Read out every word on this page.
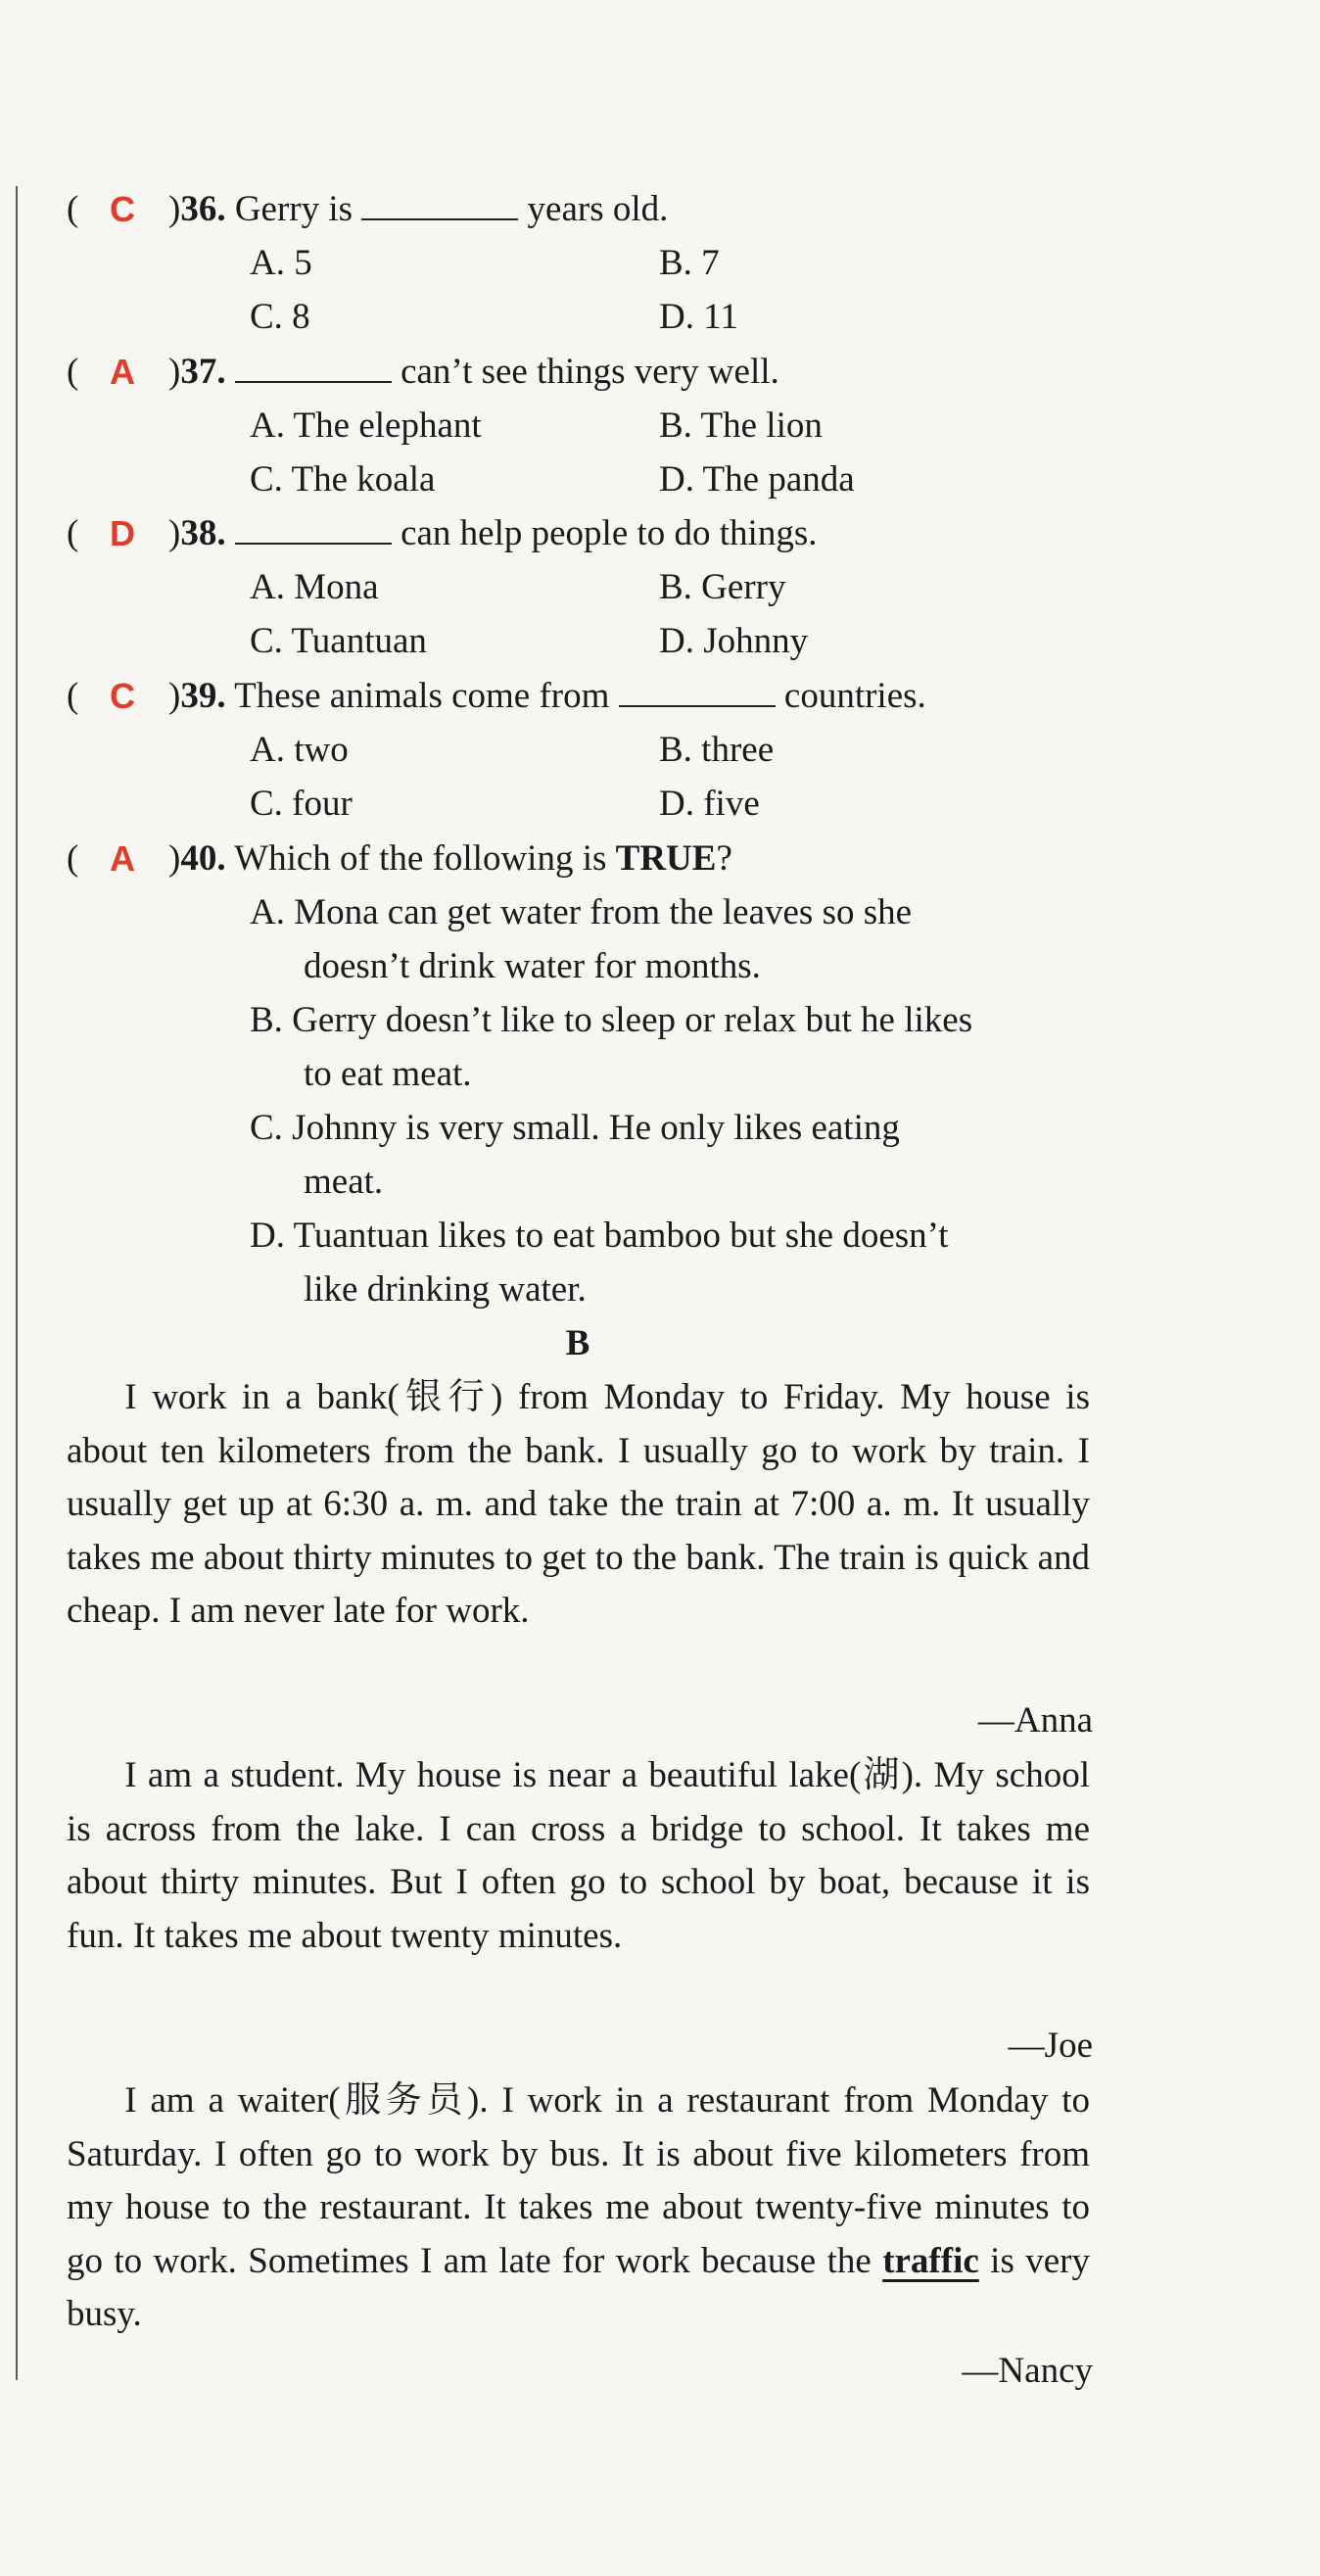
( C )36. Gerry is	years old.
A. 5	B. 7
C. 8	D. 11
( A )37.	can’t see things very well.
A. The elephant	B. The lion
C. The koala	D. The panda
( D )38.	can help people to do things.
A. Mona	B. Gerry
C. Tuantuan	D. Johnny
( C )39. These animals come from	countries.
A. two	B. three
C. four	D. five
( A )40. Which of the following is TRUE?
A. Mona can get water from the leaves so she
doesn’t drink water for months.
B. Gerry doesn’t like to sleep or relax but he likes
to eat meat.
C. Johnny is very small. He only likes eating
meat.
D. Tuantuan likes to eat bamboo but she doesn’t
like drinking water.
B

I work in a bank(银行) from Monday to Friday. My house is about ten kilometers from the bank. I usually go to work by train. I usually get up at 6:30 a. m. and take the train at 7:00 a. m. It usually takes me about thirty minutes to get to the bank. The train is quick and cheap. I am never late for work.

—Anna

I am a student. My house is near a beautiful lake(湖). My school is across from the lake. I can cross a bridge to school. It takes me about thirty minutes. But I often go to school by boat, because it is fun. It takes me about twenty minutes.

—Joe

I am a waiter(服务员). I work in a restaurant from Monday to Saturday. I often go to work by bus. It is about five kilometers from my house to the restaurant. It takes me about twenty-five minutes to go to work. Sometimes I am late for work because the traffic is very busy.

—Nancy
